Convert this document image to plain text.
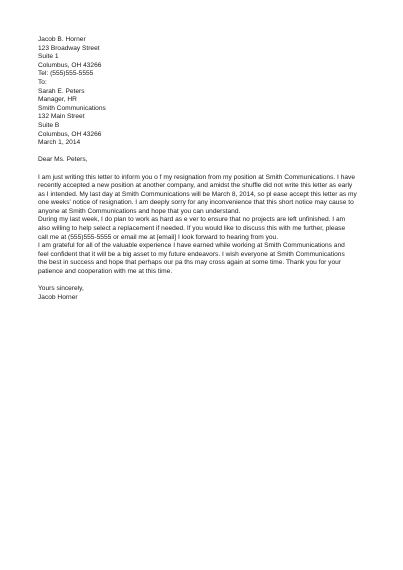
Jacob B. Horner
123 Broadway Street
Suite 1
Columbus, OH 43266
Tel: (555)555-5555
To:
Sarah E. Peters
Manager, HR
Smith Communications
132 Main Street
Suite B
Columbus, OH 43266
March 1, 2014
Dear Ms. Peters,
I am just writing this letter to inform you o f my resignation from my position at Smith Communications. I have
recently accepted a new position at another company, and amidst the shuffle did not write this letter as early
as I intended. My last day at Smith Communications will be March 8, 2014, so pl ease accept this letter as my
one weeks' notice of resignation. I am deeply sorry for any inconvenience that this short notice may cause to
anyone at Smith Communications and hope that you can understand.
During my last week, I do plan to work as hard as e ver to ensure that no projects are left unfinished. I am
also willing to help select a replacement if needed. If you would like to discuss this with me further, please
call me at (555)555-5555 or email me at [email] I look forward to hearing from you.
I am grateful for all of the valuable experience I have earned while working at Smith Communications and
feel confident that it will be a big asset to my future endeavors. I wish everyone at Smith Communications
the best in success and hope that perhaps our pa ths may cross again at some time. Thank you for your
patience and cooperation with me at this time.
Yours sincerely,
Jacob Horner
